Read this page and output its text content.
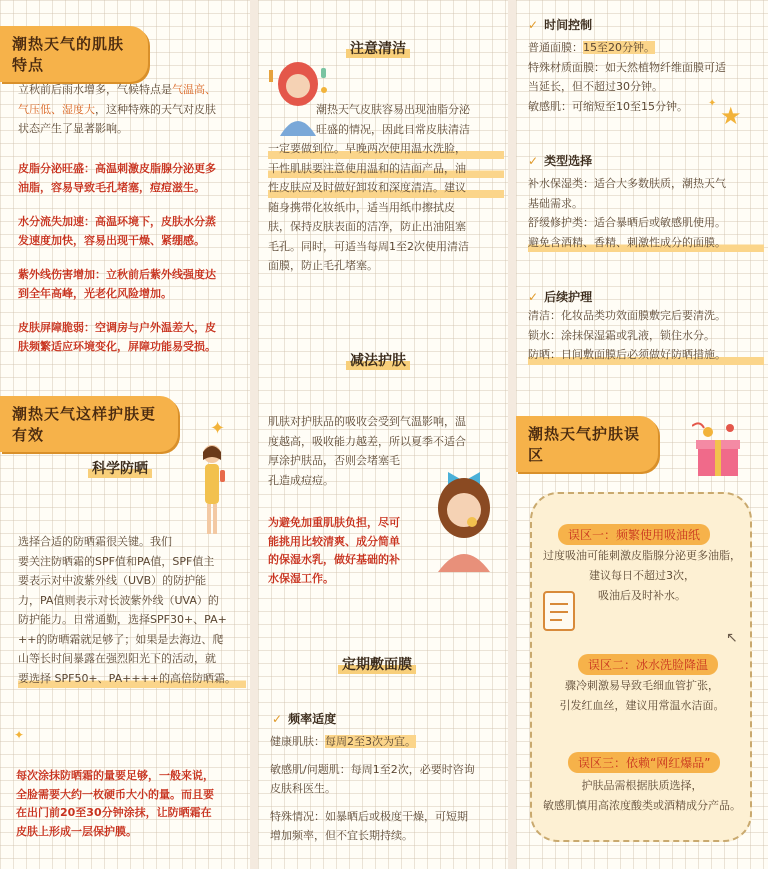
潮热天气的肌肤特点
立秋前后雨水增多，气候特点是气温高、
气压低、湿度大，这种特殊的天气对皮肤
状态产生了显著影响。
皮脂分泌旺盛：高温刺激皮脂腺分泌更多
油脂，容易导致毛孔堵塞，痘痘滋生。
水分流失加速：高温环境下，皮肤水分蒸
发速度加快，容易出现干燥、紧绷感。
紫外线伤害增加：立秋前后紫外线强度达
到全年高峰，光老化风险增加。
皮肤屏障脆弱：空调房与户外温差大，皮
肤频繁适应环境变化，屏障功能易受损。
潮热天气这样护肤更有效	✦
科学防晒
选择合适的防晒霜很关键。我们
要关注防晒霜的SPF值和PA值，SPF值主
要表示对中波紫外线（UVB）的防护能
力，PA值则表示对长波紫外线（UVA）的
防护能力。日常通勤，选择SPF30+、PA+
++的防晒霜就足够了；如果是去海边、爬
山等长时间暴露在强烈阳光下的活动，就
要选择 SPF50+、PA++++的高倍防晒霜。
✦
每次涂抹防晒霜的量要足够，一般来说，
全脸需要大约一枚硬币大小的量。而且要
在出门前20至30分钟涂抹，让防晒霜在
皮肤上形成一层保护膜。
注意清洁
潮热天气皮肤容易出现油脂分泌
旺盛的情况，因此日常皮肤清洁
一定要做到位。早晚两次使用温水洗脸，
干性肌肤要注意使用温和的洁面产品，油
性皮肤应及时做好卸妆和深度清洁。建议
随身携带化妆纸巾，适当用纸巾擦拭皮
肤，保持皮肤表面的洁净，防止出油阻塞
毛孔。同时，可适当每周1至2次使用清洁
面膜，防止毛孔堵塞。
减法护肤
肌肤对护肤品的吸收会受到气温影响，温
度越高，吸收能力越差，所以夏季不适合
厚涂护肤品，否则会堵塞毛
孔造成痘痘。
为避免加重肌肤负担，尽可
能挑用比较清爽、成分简单
的保湿水乳，做好基础的补
水保湿工作。
定期敷面膜
✓ 频率适度
健康肌肤：每周2至3次为宜。
敏感肌/问题肌：每周1至2次，必要时咨询
皮肤科医生。
特殊情况：如暴晒后或极度干燥，可短期
增加频率，但不宜长期持续。
✓ 时间控制
普通面膜：15至20分钟。
特殊材质面膜：如天然植物纤维面膜可适
当延长，但不超过30分钟。
敏感肌：可缩短至10至15分钟。	★
✦
✓ 类型选择
补水保湿类：适合大多数肤质，潮热天气
基础需求。
舒缓修护类：适合暴晒后或敏感肌使用。
避免含酒精、香精、刺激性成分的面膜。
✓ 后续护理
清洁：化妆品类功效面膜敷完后要清洗。
锁水：涂抹保湿霜或乳液，锁住水分。
防晒：日间敷面膜后必须做好防晒措施。
潮热天气护肤误区
误区一：频繁使用吸油纸
过度吸油可能刺激皮脂腺分泌更多油脂，
建议每日不超过3次，
吸油后及时补水。
↖
误区二：冰水洗脸降温
骤冷刺激易导致毛细血管扩张，
引发红血丝，建议用常温水洁面。
误区三：依赖“网红爆品”
护肤品需根据肤质选择，
敏感肌慎用高浓度酸类或酒精成分产品。
